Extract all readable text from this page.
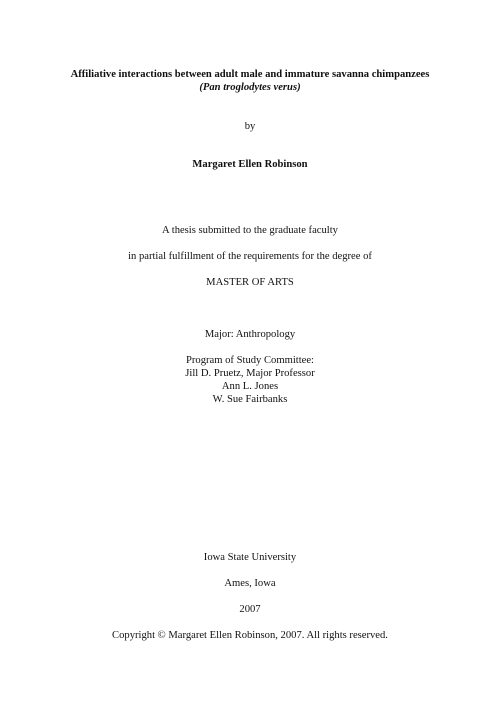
Affiliative interactions between adult male and immature savanna chimpanzees
(Pan troglodytes verus)
by
Margaret Ellen Robinson
A thesis submitted to the graduate faculty
in partial fulfillment of the requirements for the degree of
MASTER OF ARTS
Major: Anthropology
Program of Study Committee:
Jill D. Pruetz, Major Professor
Ann L. Jones
W. Sue Fairbanks
Iowa State University
Ames, Iowa
2007
Copyright © Margaret Ellen Robinson, 2007. All rights reserved.
